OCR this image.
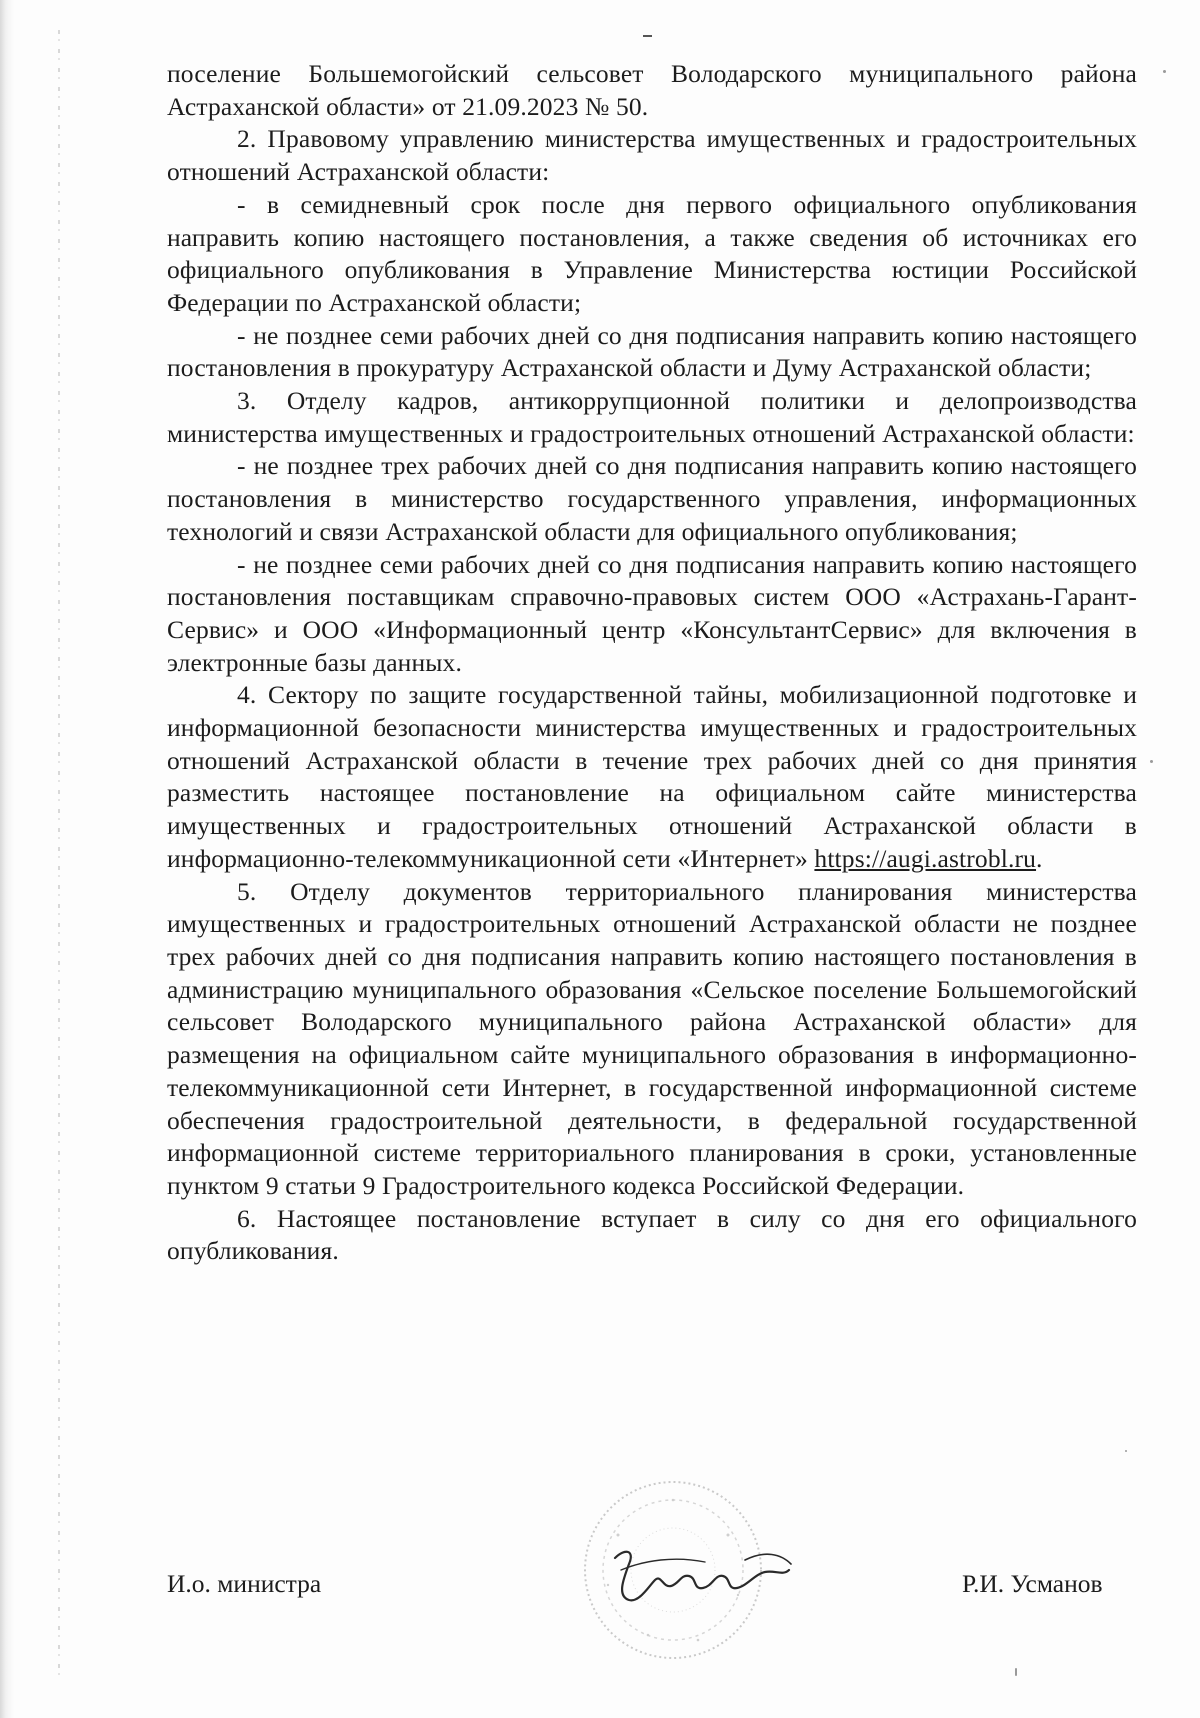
поселение Большемогойский сельсовет Володарского муниципального района Астраханской области» от 21.09.2023 № 50.

2. Правовому управлению министерства имущественных и градостроительных отношений Астраханской области:

- в семидневный срок после дня первого официального опубликования направить копию настоящего постановления, а также сведения об источниках его официального опубликования в Управление Министерства юстиции Российской Федерации по Астраханской области;

- не позднее семи рабочих дней со дня подписания направить копию настоящего постановления в прокуратуру Астраханской области и Думу Астраханской области;

3. Отделу кадров, антикоррупционной политики и делопроизводства министерства имущественных и градостроительных отношений Астраханской области:

- не позднее трех рабочих дней со дня подписания направить копию настоящего постановления в министерство государственного управления, информационных технологий и связи Астраханской области для официального опубликования;

- не позднее семи рабочих дней со дня подписания направить копию настоящего постановления поставщикам справочно-правовых систем ООО «Астрахань-Гарант-Сервис» и ООО «Информационный центр «КонсультантСервис» для включения в электронные базы данных.

4. Сектору по защите государственной тайны, мобилизационной подготовке и информационной безопасности министерства имущественных и градостроительных отношений Астраханской области в течение трех рабочих дней со дня принятия разместить настоящее постановление на официальном сайте министерства имущественных и градостроительных отношений Астраханской области в информационно-телекоммуникационной сети «Интернет» https://augi.astrobl.ru.

5. Отделу документов территориального планирования министерства имущественных и градостроительных отношений Астраханской области не позднее трех рабочих дней со дня подписания направить копию настоящего постановления в администрацию муниципального образования «Сельское поселение Большемогойский сельсовет Володарского муниципального района Астраханской области» для размещения на официальном сайте муниципального образования в информационно-телекоммуникационной сети Интернет, в государственной информационной системе обеспечения градостроительной деятельности, в федеральной государственной информационной системе территориального планирования в сроки, установленные пунктом 9 статьи 9 Градостроительного кодекса Российской Федерации.

6. Настоящее постановление вступает в силу со дня его официального опубликования.

И.о. министра	Р.И. Усманов
